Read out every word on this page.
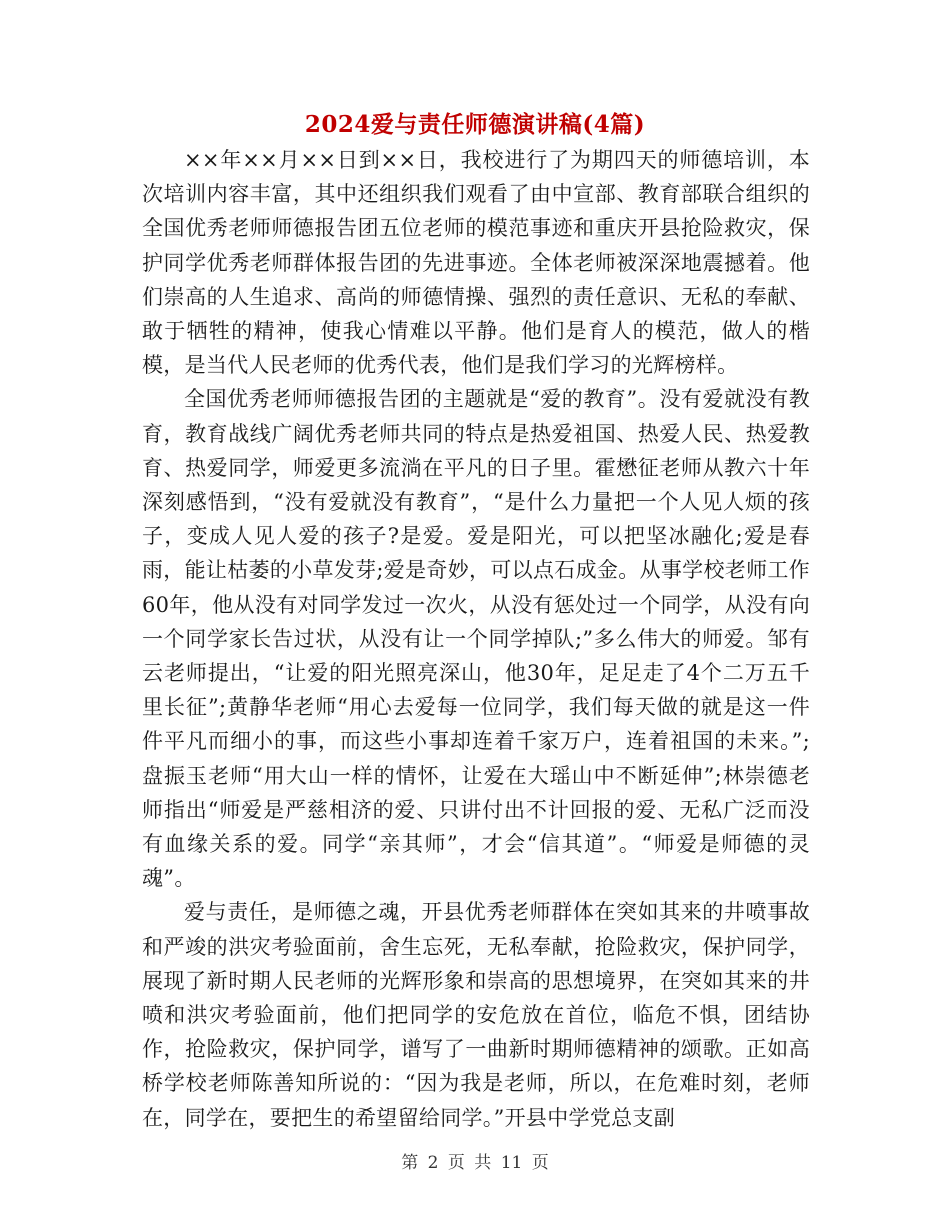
2024爱与责任师德演讲稿(4篇)

××年××月××日到××日，我校进行了为期四天的师德培训，本次培训内容丰富，其中还组织我们观看了由中宣部、教育部联合组织的全国优秀老师师德报告团五位老师的模范事迹和重庆开县抢险救灾，保护同学优秀老师群体报告团的先进事迹。全体老师被深深地震撼着。他们崇高的人生追求、高尚的师德情操、强烈的责任意识、无私的奉献、敢于牺牲的精神，使我心情难以平静。他们是育人的模范，做人的楷模，是当代人民老师的优秀代表，他们是我们学习的光辉榜样。

全国优秀老师师德报告团的主题就是“爱的教育”。没有爱就没有教育，教育战线广阔优秀老师共同的特点是热爱祖国、热爱人民、热爱教育、热爱同学，师爱更多流淌在平凡的日子里。霍懋征老师从教六十年深刻感悟到，“没有爱就没有教育”，“是什么力量把一个人见人烦的孩子，变成人见人爱的孩子?是爱。爱是阳光，可以把坚冰融化;爱是春雨，能让枯萎的小草发芽;爱是奇妙，可以点石成金。从事学校老师工作60年，他从没有对同学发过一次火，从没有惩处过一个同学，从没有向一个同学家长告过状，从没有让一个同学掉队;”多么伟大的师爱。邹有云老师提出，“让爱的阳光照亮深山，他30年，足足走了4个二万五千里长征”;黄静华老师“用心去爱每一位同学，我们每天做的就是这一件件平凡而细小的事，而这些小事却连着千家万户，连着祖国的未来。”;盘振玉老师“用大山一样的情怀，让爱在大瑶山中不断延伸”;林崇德老师指出“师爱是严慈相济的爱、只讲付出不计回报的爱、无私广泛而没有血缘关系的爱。同学“亲其师”，才会“信其道”。“师爱是师德的灵魂”。

爱与责任，是师德之魂，开县优秀老师群体在突如其来的井喷事故和严竣的洪灾考验面前，舍生忘死，无私奉献，抢险救灾，保护同学，展现了新时期人民老师的光辉形象和崇高的思想境界，在突如其来的井喷和洪灾考验面前，他们把同学的安危放在首位，临危不惧，团结协作，抢险救灾，保护同学，谱写了一曲新时期师德精神的颂歌。正如高桥学校老师陈善知所说的：“因为我是老师，所以，在危难时刻，老师在，同学在，要把生的希望留给同学。”开县中学党总支副

第 2 页 共 11 页
